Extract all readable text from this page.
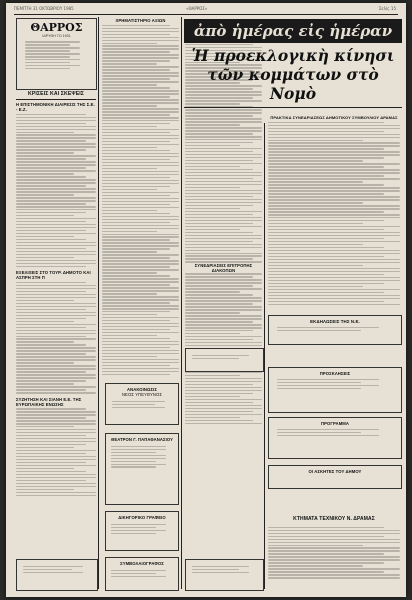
ΠΕΜΠΤΗ 31 ΟΚΤΩΒΡΙΟΥ 1985	«ΘΑΡΡΟΣ»	Σελίς 15
ΘΑΡΡΟΣ
ΙΔΡΥΘΗ ΤΟ 1931
ΚΡΙΣΕΙΣ ΚΑΙ ΣΚΕΨΕΙΣ
Η ΕΠΙΣΤΗΜΟΝΙΚΗ ΔΙΑΙΡΕΣΙΣ ΤΗΣ Σ.Ε. - Ε.Ζ.
ΕΞΕΛΙΞΕΙΣ ΣΤΟ ΤΟΥΡ. ΔΗΜΟΤΟ ΚΑΙ ΑΣΠΡΗ ΣΤΗ Π
ΣΥΖΗΤΗΣΗ ΚΑΙ ΣΙΑΝΗ Ε.Ε. ΤΗΣ ΕΥΡΩΠΑΙΚΗΣ ΕΝΩΣΗΣ
ΧΡΗΜΑΤΙΣΤΗΡΙΟ ΑΞΙΩΝ
ΑΝΑΚΟΙΝΩΣΙΣ
ΝΕΟΣ ΥΠΕΥΘΥΝΟΣ
ΘΕΑΤΡΟΝ Γ. ΠΑΠΑΘΑΝΑΣΙΟΥ
ΔΙΚΗΓΟΡΙΚΟ ΓΡΑΦΕΙΟ
ΣΥΜΒΟΛΑΙΟΓΡΑΦΟΣ
ἀπὸ ἡμέρας εἰς ἡμέραν
Ἡ προεκλογικὴ κίνησι
τῶν κομμάτων στὸ Νομὸ
ΠΡΑΚΤΙΚΑ ΣΥΝΕΔΡΙΑΣΕΩΣ ΔΗΜΟΤΙΚΟΥ ΣΥΜΒΟΥΛΙΟΥ ΔΡΑΜΑΣ
ΣΥΝΕΔΡΙΑΣΕΙΣ ΕΠΙΤΡΟΠΗΣ ΔΙΑΚΟΠΩΝ
ΕΚΔΗΛΩΣΕΙΣ ΤΗΣ Ν.Ε.
ΠΡΟΣΚΛΗΣΕΙΣ
ΠΡΟΓΡΑΜΜΑ
ΟΙ ΑΣΚΗΤΕΣ ΤΟΥ ΔΗΜΟΥ
ΚΤΗΜΑΤΑ ΤΕΧΝΙΚΟΥ Ν. ΔΡΑΜΑΣ
